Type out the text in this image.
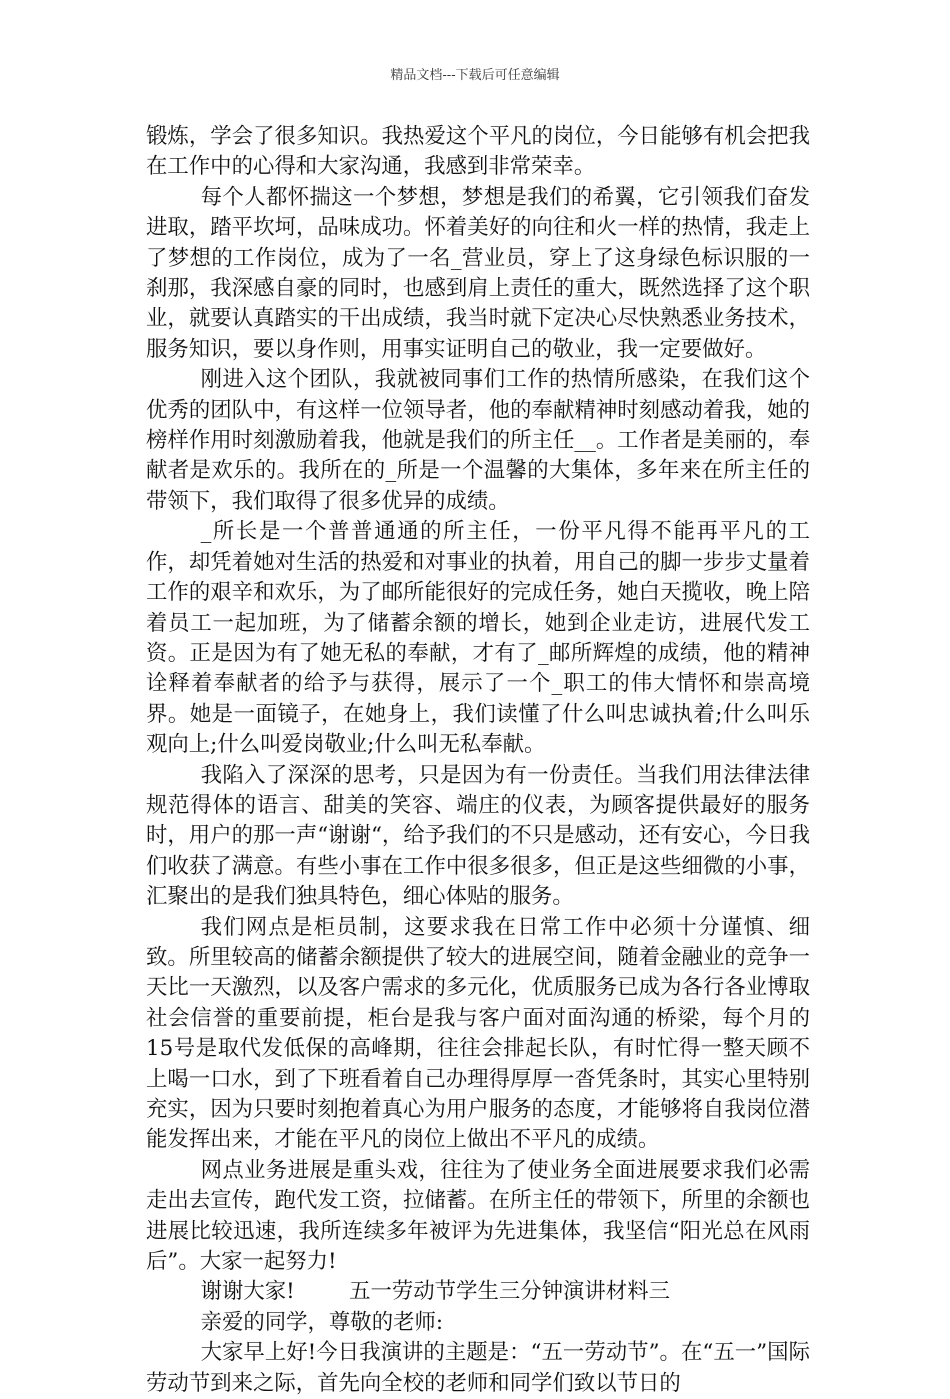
精品文档---下载后可任意编辑

锻炼，学会了很多知识。我热爱这个平凡的岗位，今日能够有机会把我在工作中的心得和大家沟通，我感到非常荣幸。

每个人都怀揣这一个梦想，梦想是我们的希翼，它引领我们奋发进取，踏平坎坷，品味成功。怀着美好的向往和火一样的热情，我走上了梦想的工作岗位，成为了一名_营业员，穿上了这身绿色标识服的一刹那，我深感自豪的同时，也感到肩上责任的重大，既然选择了这个职业，就要认真踏实的干出成绩，我当时就下定决心尽快熟悉业务技术，服务知识，要以身作则，用事实证明自己的敬业，我一定要做好。

刚进入这个团队，我就被同事们工作的热情所感染，在我们这个优秀的团队中，有这样一位领导者，他的奉献精神时刻感动着我，她的榜样作用时刻激励着我，他就是我们的所主任__。工作者是美丽的，奉献者是欢乐的。我所在的_所是一个温馨的大集体，多年来在所主任的带领下，我们取得了很多优异的成绩。

_所长是一个普普通通的所主任，一份平凡得不能再平凡的工作，却凭着她对生活的热爱和对事业的执着，用自己的脚一步步丈量着工作的艰辛和欢乐，为了邮所能很好的完成任务，她白天揽收，晚上陪着员工一起加班，为了储蓄余额的增长，她到企业走访，进展代发工资。正是因为有了她无私的奉献，才有了_邮所辉煌的成绩，他的精神诠释着奉献者的给予与获得，展示了一个_职工的伟大情怀和崇高境界。她是一面镜子，在她身上，我们读懂了什么叫忠诚执着;什么叫乐观向上;什么叫爱岗敬业;什么叫无私奉献。

我陷入了深深的思考，只是因为有一份责任。当我们用法律法律规范得体的语言、甜美的笑容、端庄的仪表，为顾客提供最好的服务时，用户的那一声“谢谢“，给予我们的不只是感动，还有安心，今日我们收获了满意。有些小事在工作中很多很多，但正是这些细微的小事，汇聚出的是我们独具特色，细心体贴的服务。

我们网点是柜员制，这要求我在日常工作中必须十分谨慎、细致。所里较高的储蓄余额提供了较大的进展空间，随着金融业的竞争一天比一天激烈，以及客户需求的多元化，优质服务已成为各行各业博取社会信誉的重要前提，柜台是我与客户面对面沟通的桥梁，每个月的15号是取代发低保的高峰期，往往会排起长队，有时忙得一整天顾不上喝一口水，到了下班看着自己办理得厚厚一沓凭条时，其实心里特别充实，因为只要时刻抱着真心为用户服务的态度，才能够将自我岗位潜能发挥出来，才能在平凡的岗位上做出不平凡的成绩。

网点业务进展是重头戏，往往为了使业务全面进展要求我们必需走出去宣传，跑代发工资，拉储蓄。在所主任的带领下，所里的余额也进展比较迅速，我所连续多年被评为先进集体，我坚信“阳光总在风雨后”。大家一起努力!

谢谢大家!        五一劳动节学生三分钟演讲材料三

亲爱的同学，尊敬的老师:

大家早上好!今日我演讲的主题是：“五一劳动节”。在“五一”国际劳动节到来之际，首先向全校的老师和同学们致以节日的
